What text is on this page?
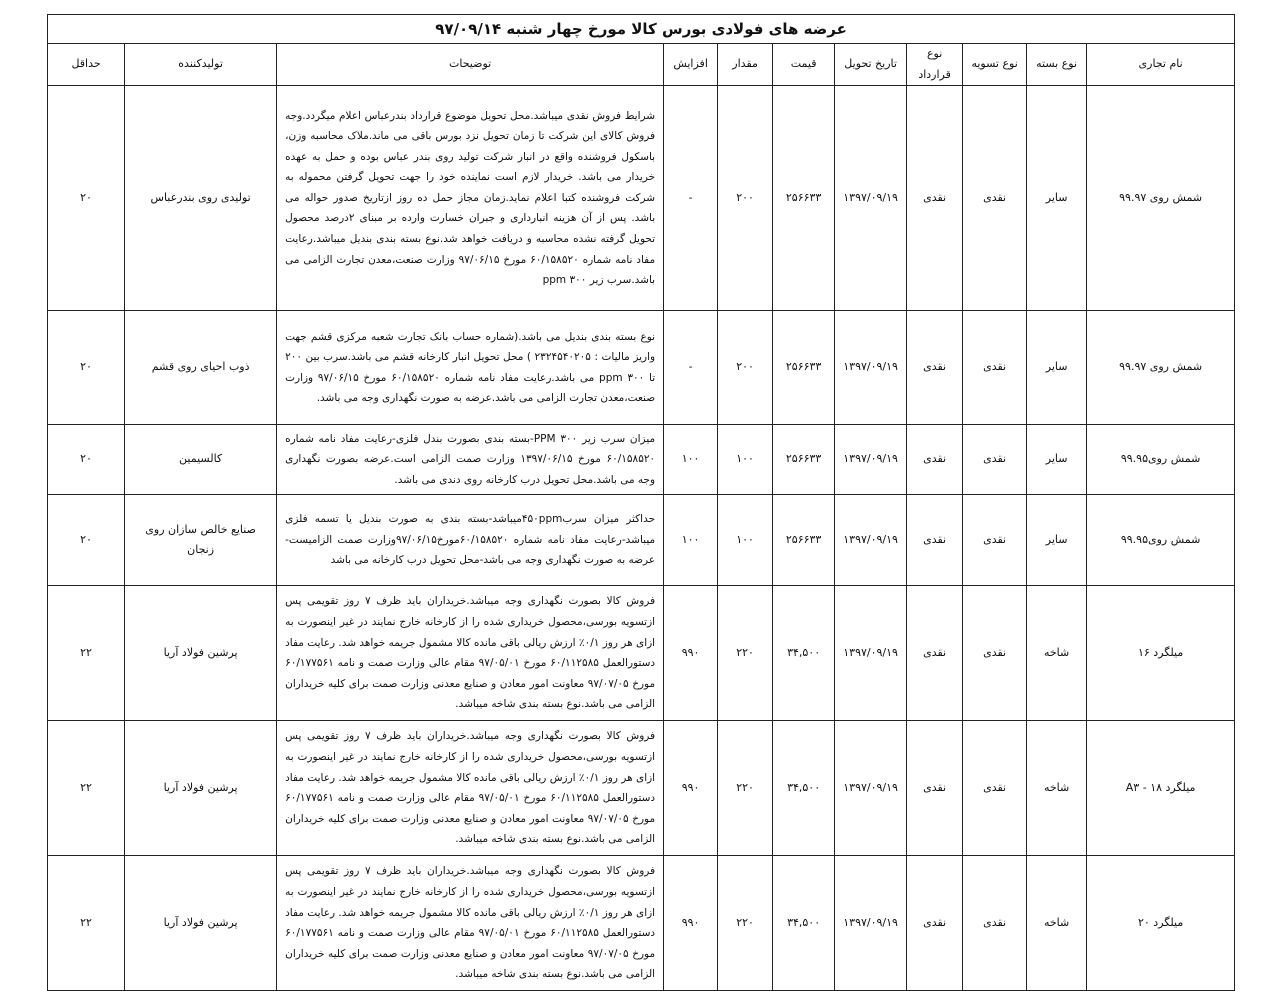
عرضه های فولادی بورس کالا مورخ چهار شنبه ۹۷/۰۹/۱۴										
نام تجاری	نوع بسته	نوع تسویه	نوع قرارداد	تاریخ تحویل	قیمت	مقدار	افزایش	توضیحات	تولیدکننده	حداقل
شمش روی ۹۹.۹۷	سایر	نقدی	نقدی	۱۳۹۷/۰۹/۱۹	۲۵۶۶۳۳	۲۰۰	-	شرایط فروش نقدی میباشد.محل تحویل موضوع قرارداد بندرعباس اعلام میگردد.وجه فروش کالای این شرکت تا زمان تحویل نزد بورس باقی می ماند.ملاک محاسبه وزن، باسکول فروشنده واقع در انبار شرکت تولید روی بندر عباس بوده و حمل به عهده خریدار می باشد. خریدار لازم است نماینده خود را جهت تحویل گرفتن محموله به شرکت فروشنده کتبا اعلام نماید.زمان مجاز حمل ده روز ازتاریخ صدور حواله می باشد. پس از آن هزینه انبارداری و جبران خسارت وارده بر مبنای ۲درصد محصول تحویل گرفته نشده محاسبه و دریافت خواهد شد.نوع بسته بندی بندیل میباشد.رعایت مفاد نامه شماره ۶۰/۱۵۸۵۲۰ مورخ ۹۷/۰۶/۱۵ وزارت صنعت،معدن تجارت الزامی می باشد.سرب زیر ۳۰۰ ppm	تولیدی روی بندرعباس	۲۰
شمش روی ۹۹.۹۷	سایر	نقدی	نقدی	۱۳۹۷/۰۹/۱۹	۲۵۶۶۳۳	۲۰۰	-	نوع بسته بندی بندیل می باشد.(شماره حساب بانک تجارت شعبه مرکزی قشم جهت واریز مالیات : ۲۳۲۴۵۴۰۲۰۵ ) محل تحویل انبار کارخانه قشم می باشد.سرب بین ۲۰۰ تا ۳۰۰ ppm می باشد.رعایت مفاد نامه شماره ۶۰/۱۵۸۵۲۰ مورخ ۹۷/۰۶/۱۵ وزارت صنعت،معدن تجارت الزامی می باشد.عرضه به صورت نگهداری وجه می باشد.	ذوب احیای روی قشم	۲۰
شمش روی۹۹.۹۵	سایر	نقدی	نقدی	۱۳۹۷/۰۹/۱۹	۲۵۶۶۳۳	۱۰۰	۱۰۰	میزان سرب زیر ۳۰۰ PPM-بسته بندی بصورت بندل فلزی-رعایت مفاد نامه شماره ۶۰/۱۵۸۵۲۰ مورخ ۱۳۹۷/۰۶/۱۵ وزارت صمت الزامی است.عرضه بصورت نگهداری وجه می باشد.محل تحویل درب کارخانه روی دندی می باشد.	کالسیمین	۲۰
شمش روی۹۹.۹۵	سایر	نقدی	نقدی	۱۳۹۷/۰۹/۱۹	۲۵۶۶۳۳	۱۰۰	۱۰۰	حداکثر میزان سرب۴۵۰ppmمیباشد-بسته بندی به صورت بندیل یا تسمه فلزی میباشد-رعایت مفاد نامه شماره ۶۰/۱۵۸۵۲۰مورخ۹۷/۰۶/۱۵وزارت صمت الزامیست-عرضه به صورت نگهداری وجه می باشد-محل تحویل درب کارخانه می باشد	صنایع خالص سازان روی زنجان	۲۰
میلگرد ۱۶	شاخه	نقدی	نقدی	۱۳۹۷/۰۹/۱۹	۳۴,۵۰۰	۲۲۰	۹۹۰	فروش کالا بصورت نگهداری وجه میباشد.خریداران باید ظرف ۷ روز تقویمی پس ازتسویه بورسی،محصول خریداری شده را از کارخانه خارج نمایند در غیر اینصورت به ازای هر روز ۰/۱٪ ارزش ریالی باقی مانده کالا مشمول جریمه خواهد شد. رعایت مفاد دستورالعمل ۶۰/۱۱۲۵۸۵ مورخ ۹۷/۰۵/۰۱ مقام عالی وزارت صمت و نامه ۶۰/۱۷۷۵۶۱ مورخ ۹۷/۰۷/۰۵ معاونت امور معادن و صنایع معدنی وزارت صمت برای کلیه خریداران الزامی می باشد.نوع بسته بندی شاخه میباشد.	پرشین فولاد آریا	۲۲
میلگرد ۱۸ - A۳	شاخه	نقدی	نقدی	۱۳۹۷/۰۹/۱۹	۳۴,۵۰۰	۲۲۰	۹۹۰	فروش کالا بصورت نگهداری وجه میباشد.خریداران باید ظرف ۷ روز تقویمی پس ازتسویه بورسی،محصول خریداری شده را از کارخانه خارج نمایند در غیر اینصورت به ازای هر روز ۰/۱٪ ارزش ریالی باقی مانده کالا مشمول جریمه خواهد شد. رعایت مفاد دستورالعمل ۶۰/۱۱۲۵۸۵ مورخ ۹۷/۰۵/۰۱ مقام عالی وزارت صمت و نامه ۶۰/۱۷۷۵۶۱ مورخ ۹۷/۰۷/۰۵ معاونت امور معادن و صنایع معدنی وزارت صمت برای کلیه خریداران الزامی می باشد.نوع بسته بندی شاخه میباشد.	پرشین فولاد آریا	۲۲
میلگرد ۲۰	شاخه	نقدی	نقدی	۱۳۹۷/۰۹/۱۹	۳۴,۵۰۰	۲۲۰	۹۹۰	فروش کالا بصورت نگهداری وجه میباشد.خریداران باید ظرف ۷ روز تقویمی پس ازتسویه بورسی،محصول خریداری شده را از کارخانه خارج نمایند در غیر اینصورت به ازای هر روز ۰/۱٪ ارزش ریالی باقی مانده کالا مشمول جریمه خواهد شد. رعایت مفاد دستورالعمل ۶۰/۱۱۲۵۸۵ مورخ ۹۷/۰۵/۰۱ مقام عالی وزارت صمت و نامه ۶۰/۱۷۷۵۶۱ مورخ ۹۷/۰۷/۰۵ معاونت امور معادن و صنایع معدنی وزارت صمت برای کلیه خریداران الزامی می باشد.نوع بسته بندی شاخه میباشد.	پرشین فولاد آریا	۲۲
